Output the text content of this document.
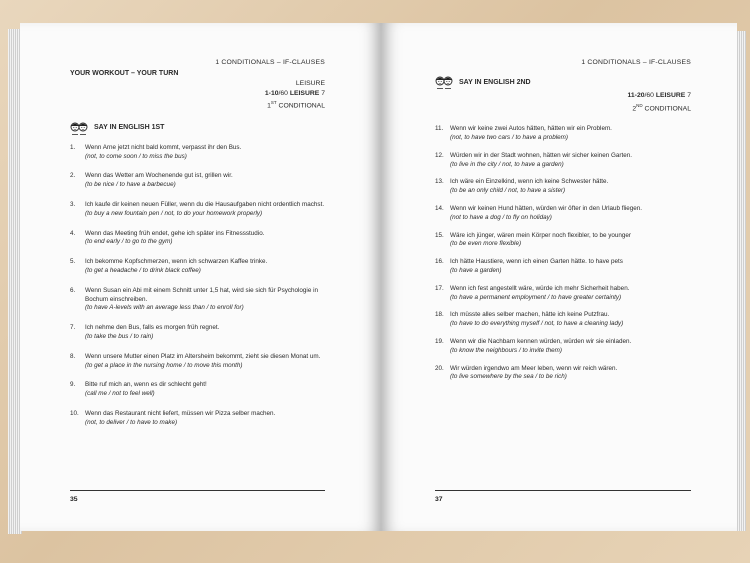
1 CONDITIONALS – IF-CLAUSES
YOUR WORKOUT – YOUR TURN
LEISURE
1-10/60 LEISURE 7
1ST CONDITIONAL
SAY IN ENGLISH 1ST
1.	Wenn Arne jetzt nicht bald kommt, verpasst ihr den Bus.
(not, to come soon / to miss the bus)
2.	Wenn das Wetter am Wochenende gut ist, grillen wir.
(to be nice / to have a barbecue)
3.	Ich kaufe dir keinen neuen Füller, wenn du die Hausaufgaben nicht ordentlich machst.
(to buy a new fountain pen / not, to do your homework properly)
4.	Wenn das Meeting früh endet, gehe ich später ins Fitnessstudio.
(to end early / to go to the gym)
5.	Ich bekomme Kopfschmerzen, wenn ich schwarzen Kaffee trinke.
(to get a headache / to drink black coffee)
6.	Wenn Susan ein Abi mit einem Schnitt unter 1,5 hat, wird sie sich für Psychologie in Bochum einschreiben.
(to have A-levels with an average less than / to enroll for)
7.	Ich nehme den Bus, falls es morgen früh regnet.
(to take the bus / to rain)
8.	Wenn unsere Mutter einen Platz im Altersheim bekommt, zieht sie diesen Monat um.
(to get a place in the nursing home / to move this month)
9.	Bitte ruf mich an, wenn es dir schlecht geht!
(call me / not to feel well)
10. Wenn das Restaurant nicht liefert, müssen wir Pizza selber machen.
(not, to deliver / to have to make)
35
1 CONDITIONALS – IF-CLAUSES
SAY IN ENGLISH 2ND
11-20/60 LEISURE 7
2ND CONDITIONAL
11.	Wenn wir keine zwei Autos hätten, hätten wir ein Problem.
(not, to have two cars / to have a problem)
12. Würden wir in der Stadt wohnen, hätten wir sicher keinen Garten.
(to live in the city / not, to have a garden)
13. Ich wäre ein Einzelkind, wenn ich keine Schwester hätte.
(to be an only child / not, to have a sister)
14. Wenn wir keinen Hund hätten, würden wir öfter in den Urlaub fliegen.
(not to have a dog / to fly on holiday)
15. Wäre ich jünger, wären mein Körper noch flexibler, to be younger
(to be even more flexible)
16. Ich hätte Haustiere, wenn ich einen Garten hätte. to have pets
(to have a garden)
17. Wenn ich fest angestellt wäre, würde ich mehr Sicherheit haben.
(to have a permanent employment / to have greater certainty)
18. Ich müsste alles selber machen, hätte ich keine Putzfrau.
(to have to do everything myself / not, to have a cleaning lady)
19. Wenn wir die Nachbarn kennen würden, würden wir sie einladen.
(to know the neighbours / to invite them)
20. Wir würden irgendwo am Meer leben, wenn wir reich wären.
(to live somewhere by the sea / to be rich)
37
